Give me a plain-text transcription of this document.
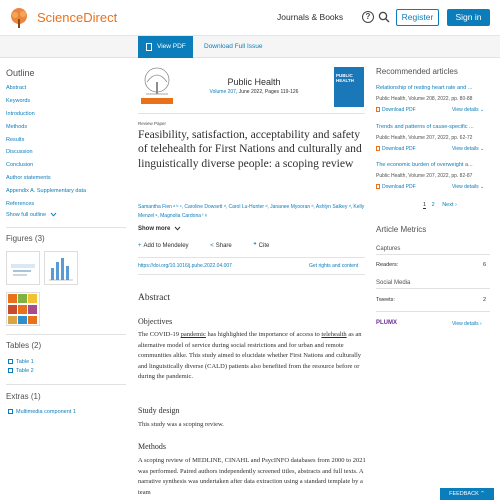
ScienceDirect	Journals & Books	?	Register	Sign in
View PDF	Download Full Issue
Outline
Abstract
Keywords
Introduction
Methods
Results
Discussion
Conclusion
Author statements
Appendix A. Supplementary data
References
Show full outline
Figures (3)
Tables (2)
Table 1
Table 2
Extras (1)
Multimedia component 1
Public Health
Volume 207, June 2022, Pages 119-126
PUBLIC
HEALTH
Review Paper
Feasibility, satisfaction, acceptability and safety of telehealth for First Nations and culturally and linguistically diverse people: a scoping review
Samantha Fien ᵃ ᵇ ᶜ, Caroline Dowsett ᵈ, Carol Lu-Hunter ᵈ, Jananee Myooran ᵈ, Ashlyn Salkey ᵈ, Kelly Menzel ᵉ, Magnolia Cardona ᶠ ᵍ
Show more
+ Add to Mendeley	< Share	❞ Cite
https://doi.org/10.1016/j.puhe.2022.04.007	Get rights and content
Abstract
Objectives
The COVID-19 pandemic has highlighted the importance of access to telehealth as an alternative model of service during social restrictions and for urban and remote communities alike. This study aimed to elucidate whether First Nations and culturally and linguistically diverse (CALD) patients also benefited from the resource before or during the pandemic.
Study design
This study was a scoping review.
Methods
A scoping review of MEDLINE, CINAHL and PsycINFO databases from 2000 to 2021 was performed. Paired authors independently screened titles, abstracts and full texts. A narrative synthesis was undertaken after data extraction using a standard template by a team
Recommended articles
Relationship of resting heart rate and ...
Public Health, Volume 208, 2022, pp. 80-88
Download PDF	View details ⌄
Trends and patterns of cause-specific ...
Public Health, Volume 207, 2022, pp. 62-72
Download PDF	View details ⌄
The economic burden of overweight a...
Public Health, Volume 207, 2022, pp. 82-87
Download PDF	View details ⌄
1 2 Next ›
Article Metrics
Captures
Readers:	6
Social Media
Tweets:	2
PLUMX	View details ›
FEEDBACK ⌃
